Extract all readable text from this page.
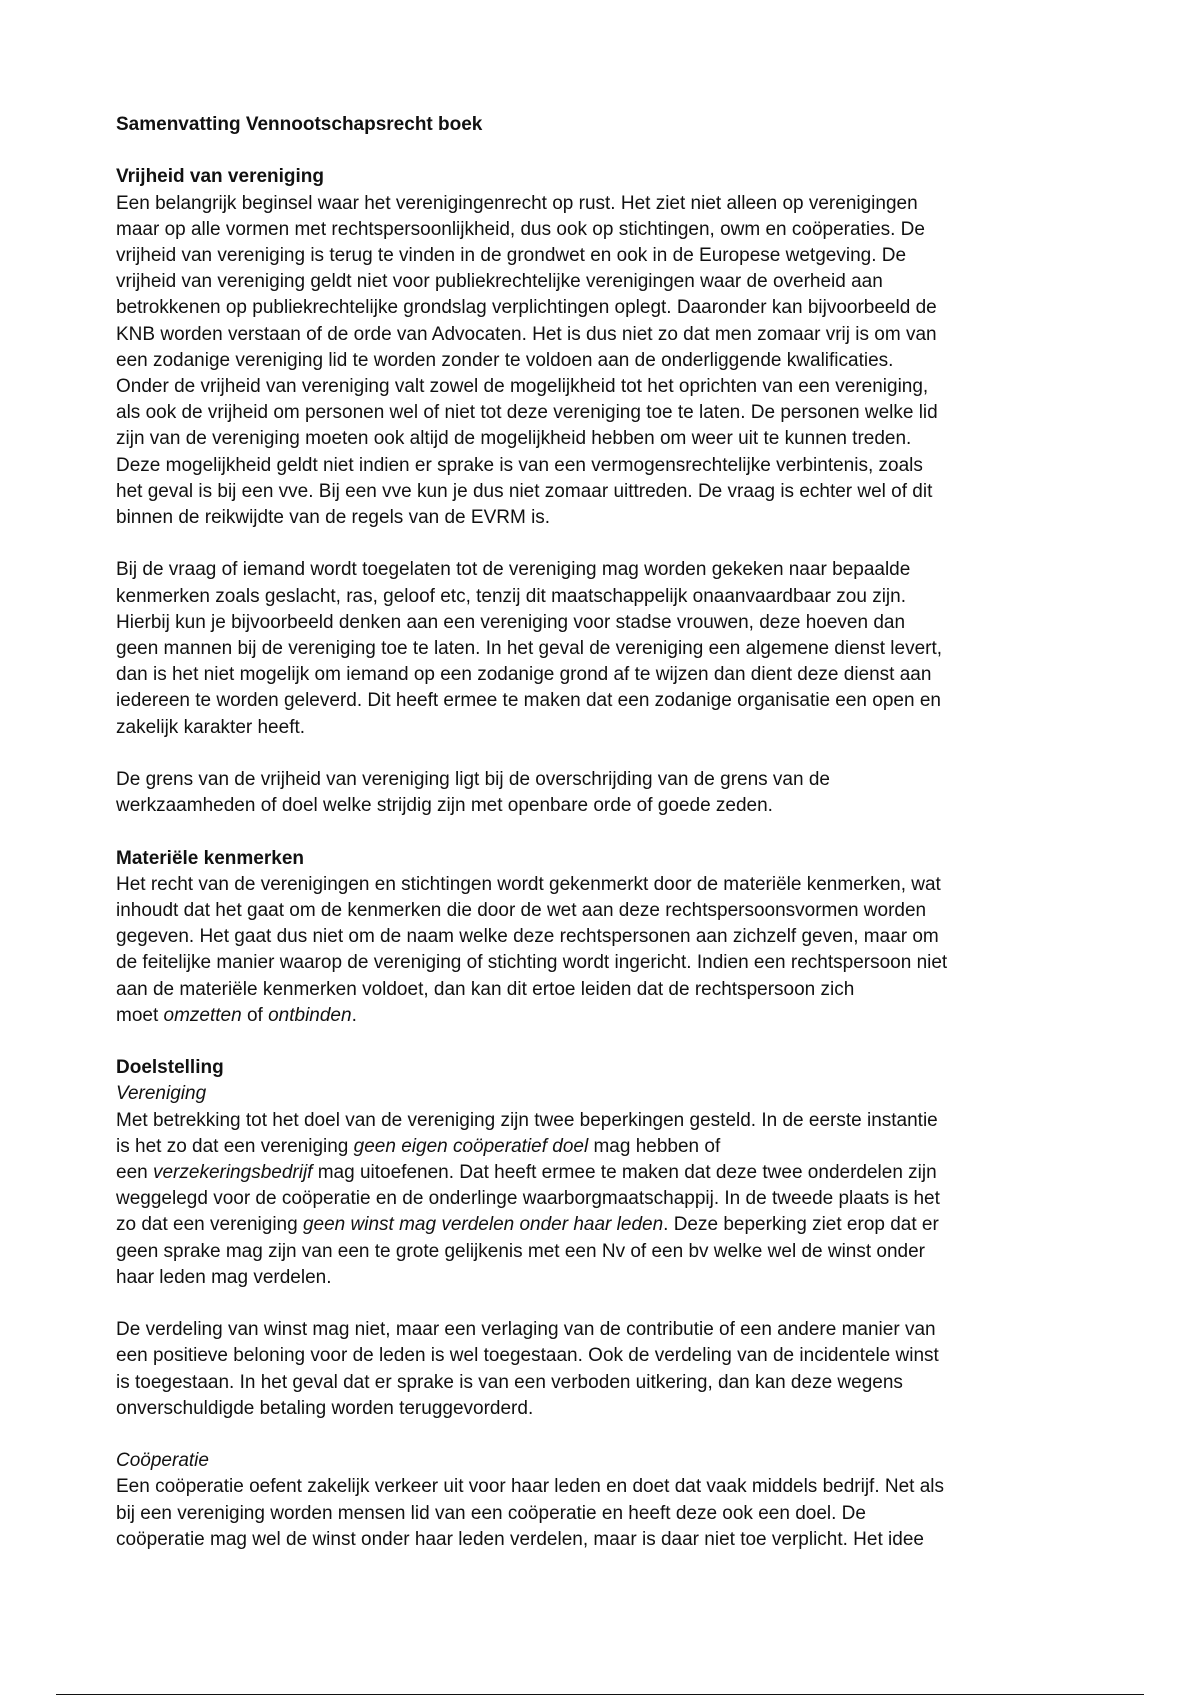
Samenvatting Vennootschapsrecht boek
Vrijheid van vereniging

Een belangrijk beginsel waar het verenigingenrecht op rust. Het ziet niet alleen op verenigingen
maar op alle vormen met rechtspersoonlijkheid, dus ook op stichtingen, owm en coöperaties. De
vrijheid van vereniging is terug te vinden in de grondwet en ook in de Europese wetgeving. De
vrijheid van vereniging geldt niet voor publiekrechtelijke verenigingen waar de overheid aan
betrokkenen op publiekrechtelijke grondslag verplichtingen oplegt. Daaronder kan bijvoorbeeld de
KNB worden verstaan of de orde van Advocaten. Het is dus niet zo dat men zomaar vrij is om van
een zodanige vereniging lid te worden zonder te voldoen aan de onderliggende kwalificaties.
Onder de vrijheid van vereniging valt zowel de mogelijkheid tot het oprichten van een vereniging,
als ook de vrijheid om personen wel of niet tot deze vereniging toe te laten. De personen welke lid
zijn van de vereniging moeten ook altijd de mogelijkheid hebben om weer uit te kunnen treden.
Deze mogelijkheid geldt niet indien er sprake is van een vermogensrechtelijke verbintenis, zoals
het geval is bij een vve. Bij een vve kun je dus niet zomaar uittreden. De vraag is echter wel of dit
binnen de reikwijdte van de regels van de EVRM is.

Bij de vraag of iemand wordt toegelaten tot de vereniging mag worden gekeken naar bepaalde
kenmerken zoals geslacht, ras, geloof etc, tenzij dit maatschappelijk onaanvaardbaar zou zijn.
Hierbij kun je bijvoorbeeld denken aan een vereniging voor stadse vrouwen, deze hoeven dan
geen mannen bij de vereniging toe te laten. In het geval de vereniging een algemene dienst levert,
dan is het niet mogelijk om iemand op een zodanige grond af te wijzen dan dient deze dienst aan
iedereen te worden geleverd. Dit heeft ermee te maken dat een zodanige organisatie een open en
zakelijk karakter heeft.

De grens van de vrijheid van vereniging ligt bij de overschrijding van de grens van de
werkzaamheden of doel welke strijdig zijn met openbare orde of goede zeden.

Materiële kenmerken

Het recht van de verenigingen en stichtingen wordt gekenmerkt door de materiële kenmerken, wat
inhoudt dat het gaat om de kenmerken die door de wet aan deze rechtspersoonsvormen worden
gegeven. Het gaat dus niet om de naam welke deze rechtspersonen aan zichzelf geven, maar om
de feitelijke manier waarop de vereniging of stichting wordt ingericht. Indien een rechtspersoon niet
aan de materiële kenmerken voldoet, dan kan dit ertoe leiden dat de rechtspersoon zich
moet omzetten of ontbinden.

Doelstelling
Vereniging

Met betrekking tot het doel van de vereniging zijn twee beperkingen gesteld. In de eerste instantie
is het zo dat een vereniging geen eigen coöperatief doel mag hebben of
een verzekeringsbedrijf mag uitoefenen. Dat heeft ermee te maken dat deze twee onderdelen zijn
weggelegd voor de coöperatie en de onderlinge waarborgmaatschappij. In de tweede plaats is het
zo dat een vereniging geen winst mag verdelen onder haar leden. Deze beperking ziet erop dat er
geen sprake mag zijn van een te grote gelijkenis met een Nv of een bv welke wel de winst onder
haar leden mag verdelen.

De verdeling van winst mag niet, maar een verlaging van de contributie of een andere manier van
een positieve beloning voor de leden is wel toegestaan. Ook de verdeling van de incidentele winst
is toegestaan. In het geval dat er sprake is van een verboden uitkering, dan kan deze wegens
onverschuldigde betaling worden teruggevorderd.

Coöperatie

Een coöperatie oefent zakelijk verkeer uit voor haar leden en doet dat vaak middels bedrijf. Net als
bij een vereniging worden mensen lid van een coöperatie en heeft deze ook een doel. De
coöperatie mag wel de winst onder haar leden verdelen, maar is daar niet toe verplicht. Het idee
